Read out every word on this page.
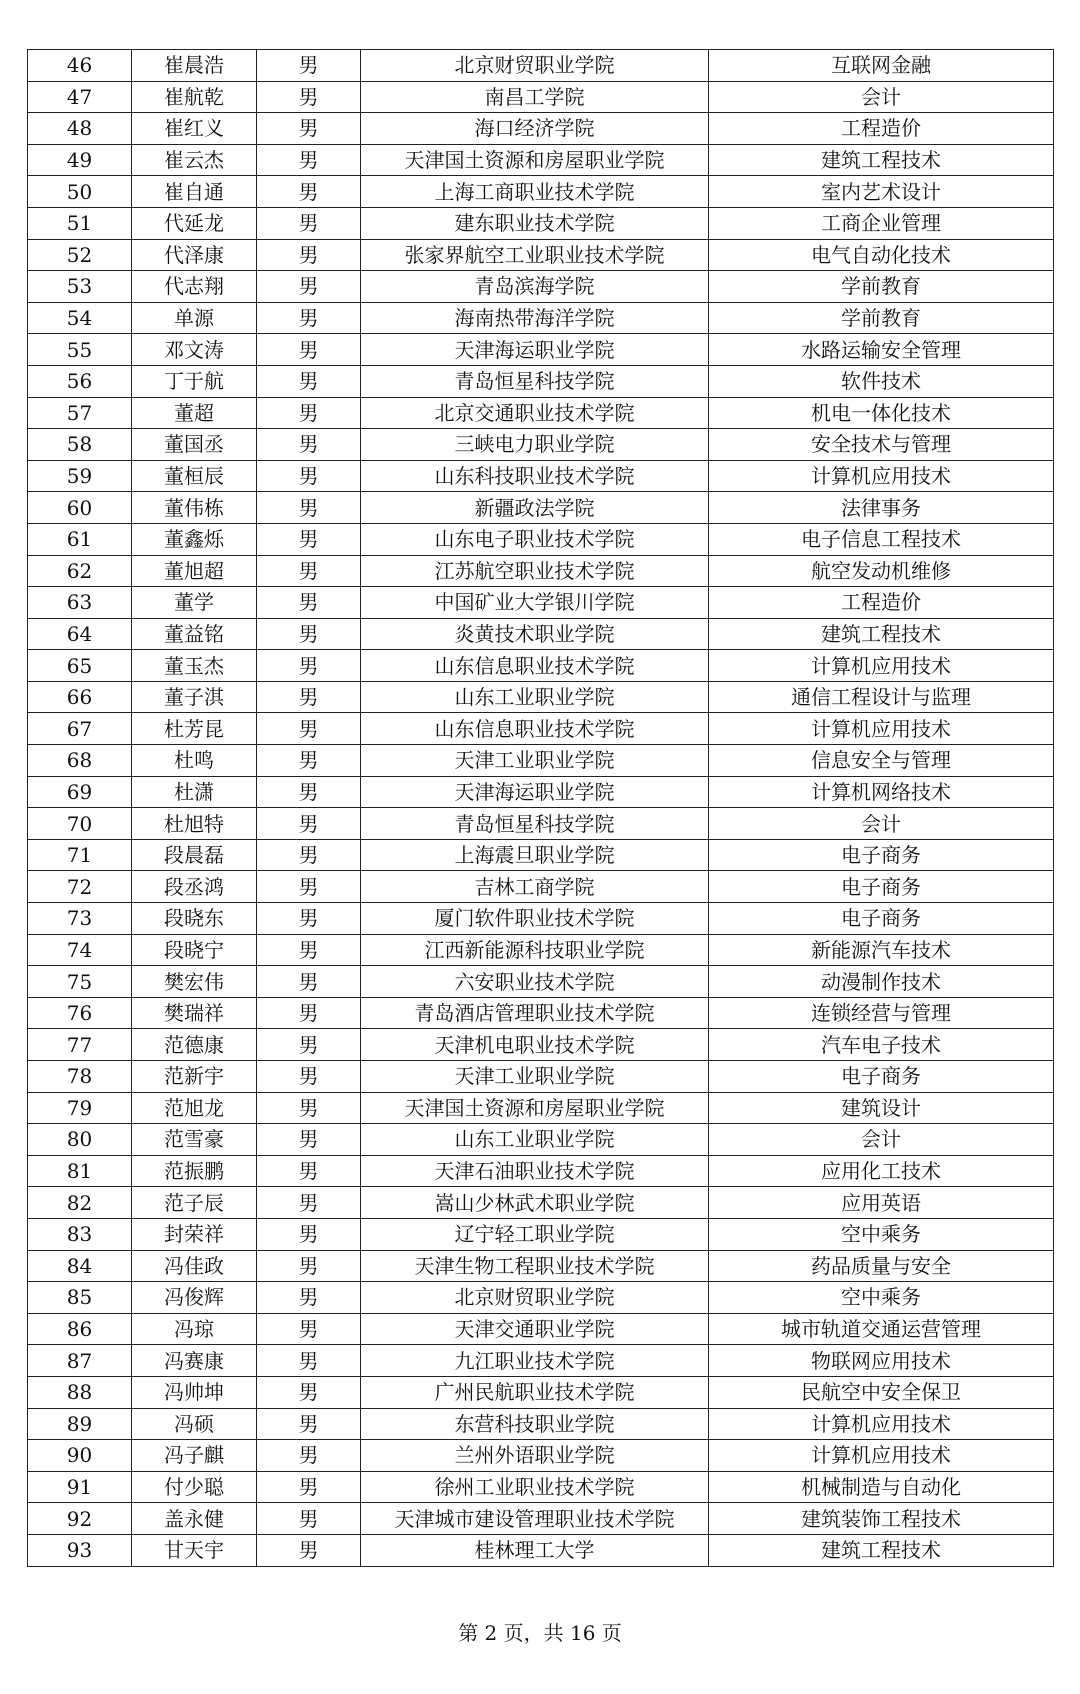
46	崔晨浩	男	北京财贸职业学院	互联网金融
47	崔航乾	男	南昌工学院	会计
48	崔红义	男	海口经济学院	工程造价
49	崔云杰	男	天津国土资源和房屋职业学院	建筑工程技术
50	崔自通	男	上海工商职业技术学院	室内艺术设计
51	代延龙	男	建东职业技术学院	工商企业管理
52	代泽康	男	张家界航空工业职业技术学院	电气自动化技术
53	代志翔	男	青岛滨海学院	学前教育
54	单源	男	海南热带海洋学院	学前教育
55	邓文涛	男	天津海运职业学院	水路运输安全管理
56	丁于航	男	青岛恒星科技学院	软件技术
57	董超	男	北京交通职业技术学院	机电一体化技术
58	董国丞	男	三峡电力职业学院	安全技术与管理
59	董桓辰	男	山东科技职业技术学院	计算机应用技术
60	董伟栋	男	新疆政法学院	法律事务
61	董鑫烁	男	山东电子职业技术学院	电子信息工程技术
62	董旭超	男	江苏航空职业技术学院	航空发动机维修
63	董学	男	中国矿业大学银川学院	工程造价
64	董益铭	男	炎黄技术职业学院	建筑工程技术
65	董玉杰	男	山东信息职业技术学院	计算机应用技术
66	董子淇	男	山东工业职业学院	通信工程设计与监理
67	杜芳昆	男	山东信息职业技术学院	计算机应用技术
68	杜鸣	男	天津工业职业学院	信息安全与管理
69	杜潇	男	天津海运职业学院	计算机网络技术
70	杜旭特	男	青岛恒星科技学院	会计
71	段晨磊	男	上海震旦职业学院	电子商务
72	段丞鸿	男	吉林工商学院	电子商务
73	段晓东	男	厦门软件职业技术学院	电子商务
74	段晓宁	男	江西新能源科技职业学院	新能源汽车技术
75	樊宏伟	男	六安职业技术学院	动漫制作技术
76	樊瑞祥	男	青岛酒店管理职业技术学院	连锁经营与管理
77	范德康	男	天津机电职业技术学院	汽车电子技术
78	范新宇	男	天津工业职业学院	电子商务
79	范旭龙	男	天津国土资源和房屋职业学院	建筑设计
80	范雪豪	男	山东工业职业学院	会计
81	范振鹏	男	天津石油职业技术学院	应用化工技术
82	范子辰	男	嵩山少林武术职业学院	应用英语
83	封荣祥	男	辽宁轻工职业学院	空中乘务
84	冯佳政	男	天津生物工程职业技术学院	药品质量与安全
85	冯俊辉	男	北京财贸职业学院	空中乘务
86	冯琼	男	天津交通职业学院	城市轨道交通运营管理
87	冯赛康	男	九江职业技术学院	物联网应用技术
88	冯帅坤	男	广州民航职业技术学院	民航空中安全保卫
89	冯硕	男	东营科技职业学院	计算机应用技术
90	冯子麒	男	兰州外语职业学院	计算机应用技术
91	付少聪	男	徐州工业职业技术学院	机械制造与自动化
92	盖永健	男	天津城市建设管理职业技术学院	建筑装饰工程技术
93	甘天宇	男	桂林理工大学	建筑工程技术
第 2 页，共 16 页
